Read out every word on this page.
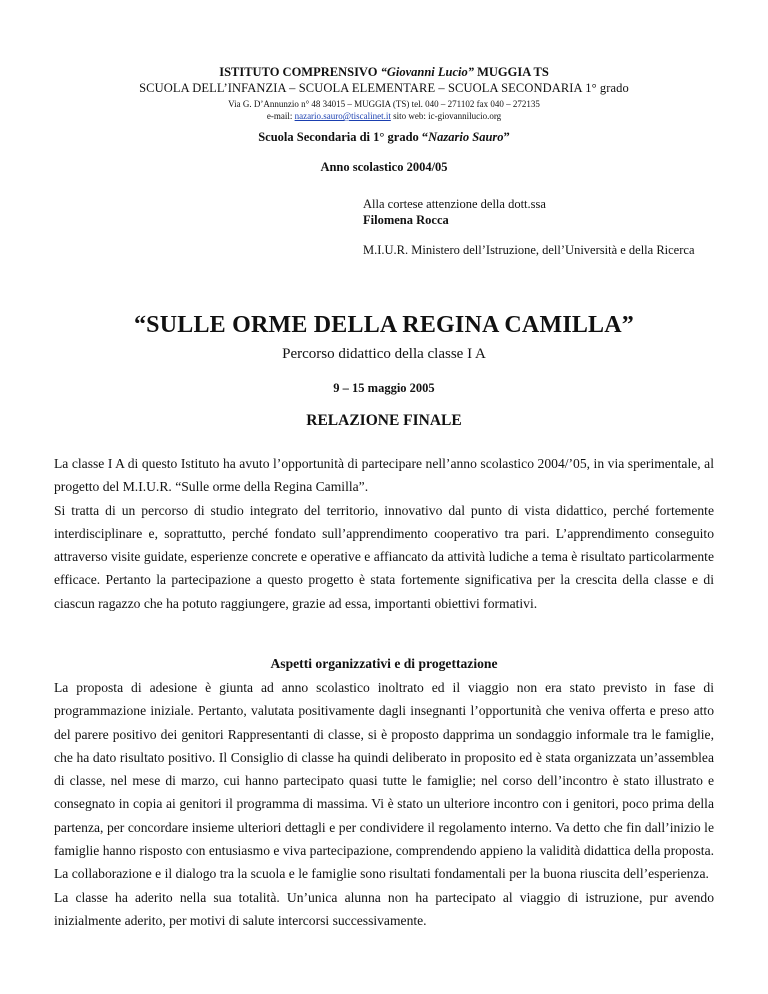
ISTITUTO COMPRENSIVO “Giovanni Lucio” MUGGIA TS
SCUOLA DELL’INFANZIA – SCUOLA ELEMENTARE – SCUOLA SECONDARIA 1° grado
Via G. D’Annunzio n° 48 34015 – MUGGIA (TS) tel. 040 – 271102 fax 040 – 272135
e-mail: nazario.sauro@tiscalinet.it sito web: ic-giovannilucio.org
Scuola Secondaria di 1° grado “Nazario Sauro”
Anno scolastico 2004/05
Alla cortese attenzione della dott.ssa
Filomena Rocca
M.I.U.R. Ministero dell’Istruzione, dell’Università e della Ricerca
“SULLE ORME DELLA REGINA CAMILLA”
Percorso didattico della classe I A
9 – 15 maggio 2005
RELAZIONE FINALE

La classe I A di questo Istituto ha avuto l’opportunità di partecipare nell’anno scolastico 2004/’05, in via sperimentale, al progetto del M.I.U.R. “Sulle orme della Regina Camilla”.

Si tratta di un percorso di studio integrato del territorio, innovativo dal punto di vista didattico, perché fortemente interdisciplinare e, soprattutto, perché fondato sull’apprendimento cooperativo tra pari. L’apprendimento conseguito attraverso visite guidate, esperienze concrete e operative e affiancato da attività ludiche a tema è risultato particolarmente efficace. Pertanto la partecipazione a questo progetto è stata fortemente significativa per la crescita della classe e di ciascun ragazzo che ha potuto raggiungere, grazie ad essa, importanti obiettivi formativi.

Aspetti organizzativi e di progettazione

La proposta di adesione è giunta ad anno scolastico inoltrato ed il viaggio non era stato previsto in fase di programmazione iniziale. Pertanto, valutata positivamente dagli insegnanti l’opportunità che veniva offerta e preso atto del parere positivo dei genitori Rappresentanti di classe, si è proposto dapprima un sondaggio informale tra le famiglie, che ha dato risultato positivo. Il Consiglio di classe ha quindi deliberato in proposito ed è stata organizzata un’assemblea di classe, nel mese di marzo, cui hanno partecipato quasi tutte le famiglie; nel corso dell’incontro è stato illustrato e consegnato in copia ai genitori il programma di massima. Vi è stato un ulteriore incontro con i genitori, poco prima della partenza, per concordare insieme ulteriori dettagli e per condividere il regolamento interno. Va detto che fin dall’inizio le famiglie hanno risposto con entusiasmo e viva partecipazione, comprendendo appieno la validità didattica della proposta. La collaborazione e il dialogo tra la scuola e le famiglie sono risultati fondamentali per la buona riuscita dell’esperienza.

La classe ha aderito nella sua totalità. Un’unica alunna non ha partecipato al viaggio di istruzione, pur avendo inizialmente aderito, per motivi di salute intercorsi successivamente.
